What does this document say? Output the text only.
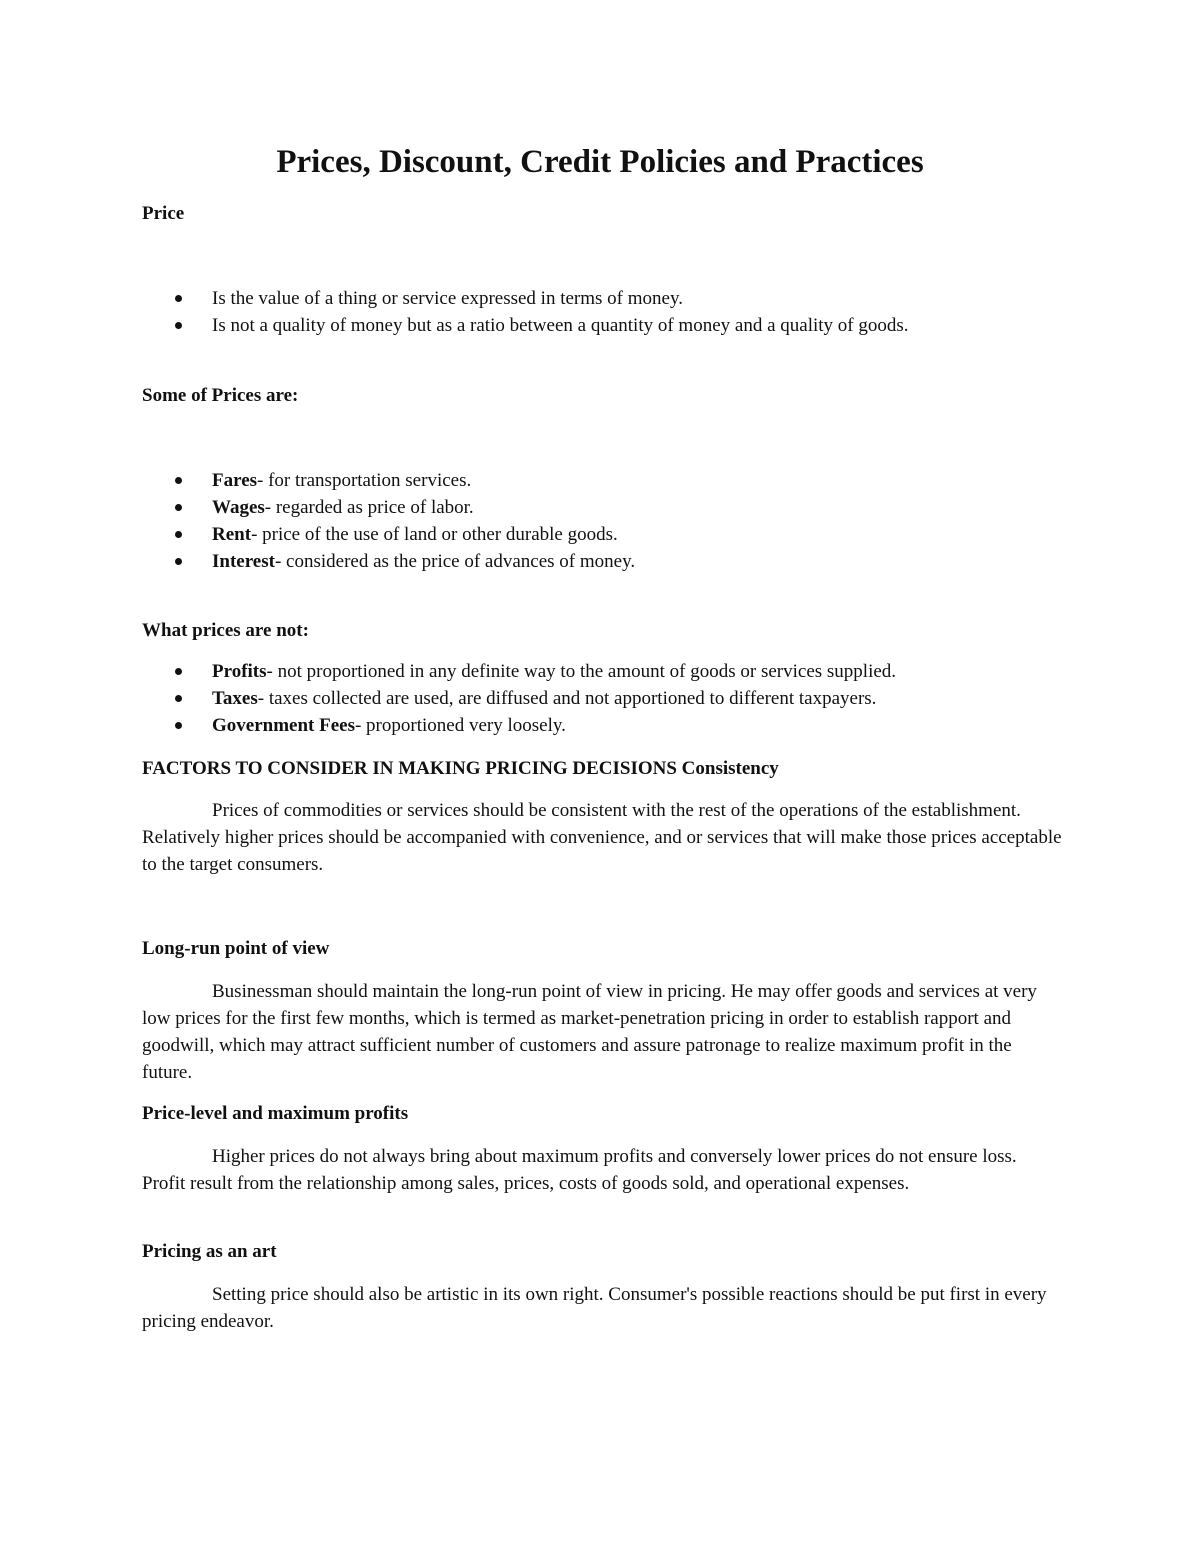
Prices, Discount, Credit Policies and Practices
Price
Is the value of a thing or service expressed in terms of money.
Is not a quality of money but as a ratio between a quantity of money and a quality of goods.
Some of Prices are:
Fares- for transportation services.
Wages- regarded as price of labor.
Rent- price of the use of land or other durable goods.
Interest- considered as the price of advances of money.
What prices are not:
Profits- not proportioned in any definite way to the amount of goods or services supplied.
Taxes- taxes collected are used, are diffused and not apportioned to different taxpayers.
Government Fees- proportioned very loosely.
FACTORS TO CONSIDER IN MAKING PRICING DECISIONS Consistency

Prices of commodities or services should be consistent with the rest of the operations of the establishment. Relatively higher prices should be accompanied with convenience, and or services that will make those prices acceptable to the target consumers.

Long-run point of view

Businessman should maintain the long-run point of view in pricing. He may offer goods and services at very low prices for the first few months, which is termed as market-penetration pricing in order to establish rapport and goodwill, which may attract sufficient number of customers and assure patronage to realize maximum profit in the future.

Price-level and maximum profits

Higher prices do not always bring about maximum profits and conversely lower prices do not ensure loss. Profit result from the relationship among sales, prices, costs of goods sold, and operational expenses.

Pricing as an art

Setting price should also be artistic in its own right. Consumer's possible reactions should be put first in every pricing endeavor.
